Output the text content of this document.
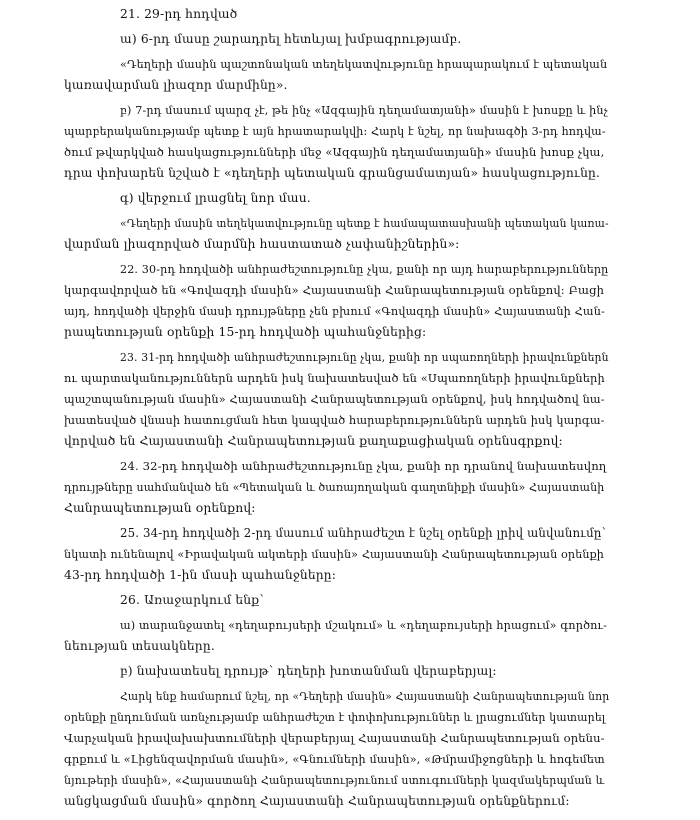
21. 29-րդ հոդված

ա) 6-րդ մասը շարադրել հետևյալ խմբագրությամբ.

«Դեղերի մասին պաշտոնական տեղեկատվությունը հրապարակում է պետական
կառավարման լիազոր մարմինը».

բ) 7-րդ մասում պարզ չէ, թե ինչ «Ազգային դեղամատյանի» մասին է խոսքը և ինչ
պարբերականությամբ պետք է այն հրատարակվի: Հարկ է նշել, որ նախագծի 3-րդ հոդվա-
ծում թվարկված հասկացությունների մեջ «Ազգային դեղամատյանի» մասին խոսք չկա,
դրա փոխարեն նշված է «դեղերի պետական գրանցամատյան» հասկացությունը.

գ) վերջում լրացնել նոր մաս.

«Դեղերի մասին տեղեկատվությունը պետք է համապատասխանի պետական կառա-
վարման լիազորված մարմնի հաստատած չափանիշներին»:

22. 30-րդ հոդվածի անհրաժեշտությունը չկա, քանի որ այդ հարաբերությունները
կարգավորված են «Գովազդի մասին» Հայաստանի Հանրապետության օրենքով: Բացի
այդ, հոդվածի վերջին մասի դրույթները չեն բխում «Գովազդի մասին» Հայաստանի Հան-
րապետության օրենքի 15-րդ հոդվածի պահանջներից:

23. 31-րդ հոդվածի անհրաժեշտությունը չկա, քանի որ սպառողների իրավունքներն
ու պարտականություններն արդեն իսկ նախատեսված են «Սպառողների իրավունքների
պաշտպանության մասին» Հայաստանի Հանրապետության օրենքով, իսկ հոդվածով նա-
խատեսված վնասի հատուցման հետ կապված հարաբերություններն արդեն իսկ կարգա-
վորված են Հայաստանի Հանրապետության քաղաքացիական օրենսգրքով:

24. 32-րդ հոդվածի անհրաժեշտությունը չկա, քանի որ դրանով նախատեսվող
դրույթները սահմանված են «Պետական և ծառայողական գաղտնիքի մասին» Հայաստանի
Հանրապետության օրենքով:

25. 34-րդ հոդվածի 2-րդ մասում անհրաժեշտ է նշել օրենքի լրիվ անվանումը՝
նկատի ունենալով «Իրավական ակտերի մասին» Հայաստանի Հանրապետության օրենքի
43-րդ հոդվածի 1-ին մասի պահանջները:

26. Առաջարկում ենք՝

ա) տարանջատել «դեղաբույսերի մշակում» և «դեղաբույսերի հրացում» գործու-
նեության տեսակները.

բ) նախատեսել դրույթ՝ դեղերի խոտանման վերաբերյալ:

Հարկ ենք համարում նշել, որ «Դեղերի մասին» Հայաստանի Հանրապետության նոր
օրենքի ընդունման առնչությամբ անհրաժեշտ է փոփոխություններ և լրացումներ կատարել
Վարչական իրավախախտումների վերաբերյալ Հայաստանի Հանրապետության օրենս-
գրքում և «Լիցենզավորման մասին», «Գնումների մասին», «Թմրամիջոցների և հոգեմետ
նյութերի մասին», «Հայաստանի Հանրապետությունում ստուգումների կազմակերպման և
անցկացման մասին» գործող Հայաստանի Հանրապետության օրենքներում:
